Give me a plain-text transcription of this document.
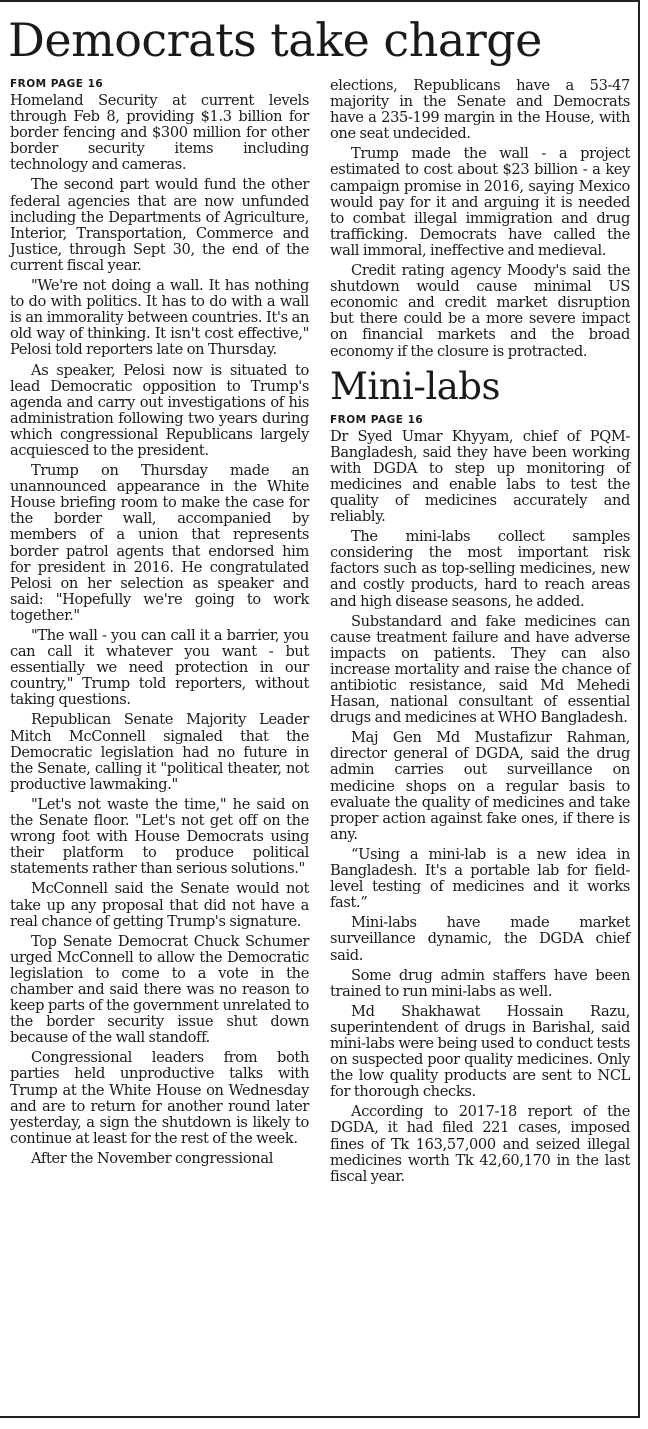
Democrats take charge
FROM PAGE 16

Homeland Security at current levels through Feb 8, providing $1.3 billion for border fencing and $300 million for other border security items including technology and cameras.

The second part would fund the other federal agencies that are now unfunded including the Departments of Agriculture, Interior, Transportation, Commerce and Justice, through Sept 30, the end of the current fiscal year.

"We're not doing a wall. It has nothing to do with politics. It has to do with a wall is an immorality between countries. It's an old way of thinking. It isn't cost effective," Pelosi told reporters late on Thursday.

As speaker, Pelosi now is situated to lead Democratic opposition to Trump's agenda and carry out investigations of his administration following two years during which congressional Republicans largely acquiesced to the president.

Trump on Thursday made an unannounced appearance in the White House briefing room to make the case for the border wall, accompanied by members of a union that represents border patrol agents that endorsed him for president in 2016. He congratulated Pelosi on her selection as speaker and said: "Hopefully we're going to work together."

"The wall - you can call it a barrier, you can call it whatever you want - but essentially we need protection in our country," Trump told reporters, without taking questions.

Republican Senate Majority Leader Mitch McConnell signaled that the Democratic legislation had no future in the Senate, calling it "political theater, not productive lawmaking."

"Let's not waste the time," he said on the Senate floor. "Let's not get off on the wrong foot with House Democrats using their platform to produce political statements rather than serious solutions."

McConnell said the Senate would not take up any proposal that did not have a real chance of getting Trump's signature.

Top Senate Democrat Chuck Schumer urged McConnell to allow the Democratic legislation to come to a vote in the chamber and said there was no reason to keep parts of the government unrelated to the border security issue shut down because of the wall standoff.

Congressional leaders from both parties held unproductive talks with Trump at the White House on Wednesday and are to return for another round later yesterday, a sign the shutdown is likely to continue at least for the rest of the week.

After the November congressional

elections, Republicans have a 53-47 majority in the Senate and Democrats have a 235-199 margin in the House, with one seat undecided.

Trump made the wall - a project estimated to cost about $23 billion - a key campaign promise in 2016, saying Mexico would pay for it and arguing it is needed to combat illegal immigration and drug trafficking. Democrats have called the wall immoral, ineffective and medieval.

Credit rating agency Moody's said the shutdown would cause minimal US economic and credit market disruption but there could be a more severe impact on financial markets and the broad economy if the closure is protracted.

Mini-labs
FROM PAGE 16

Dr Syed Umar Khyyam, chief of PQM-Bangladesh, said they have been working with DGDA to step up monitoring of medicines and enable labs to test the quality of medicines accurately and reliably.

The mini-labs collect samples considering the most important risk factors such as top-selling medicines, new and costly products, hard to reach areas and high disease seasons, he added.

Substandard and fake medicines can cause treatment failure and have adverse impacts on patients. They can also increase mortality and raise the chance of antibiotic resistance, said Md Mehedi Hasan, national consultant of essential drugs and medicines at WHO Bangladesh.

Maj Gen Md Mustafizur Rahman, director general of DGDA, said the drug admin carries out surveillance on medicine shops on a regular basis to evaluate the quality of medicines and take proper action against fake ones, if there is any.

“Using a mini-lab is a new idea in Bangladesh. It's a portable lab for field-level testing of medicines and it works fast.”

Mini-labs have made market surveillance dynamic, the DGDA chief said.

Some drug admin staffers have been trained to run mini-labs as well.

Md Shakhawat Hossain Razu, superintendent of drugs in Barishal, said mini-labs were being used to conduct tests on suspected poor quality medicines. Only the low quality products are sent to NCL for thorough checks.

According to 2017-18 report of the DGDA, it had filed 221 cases, imposed fines of Tk 163,57,000 and seized illegal medicines worth Tk 42,60,170 in the last fiscal year.
